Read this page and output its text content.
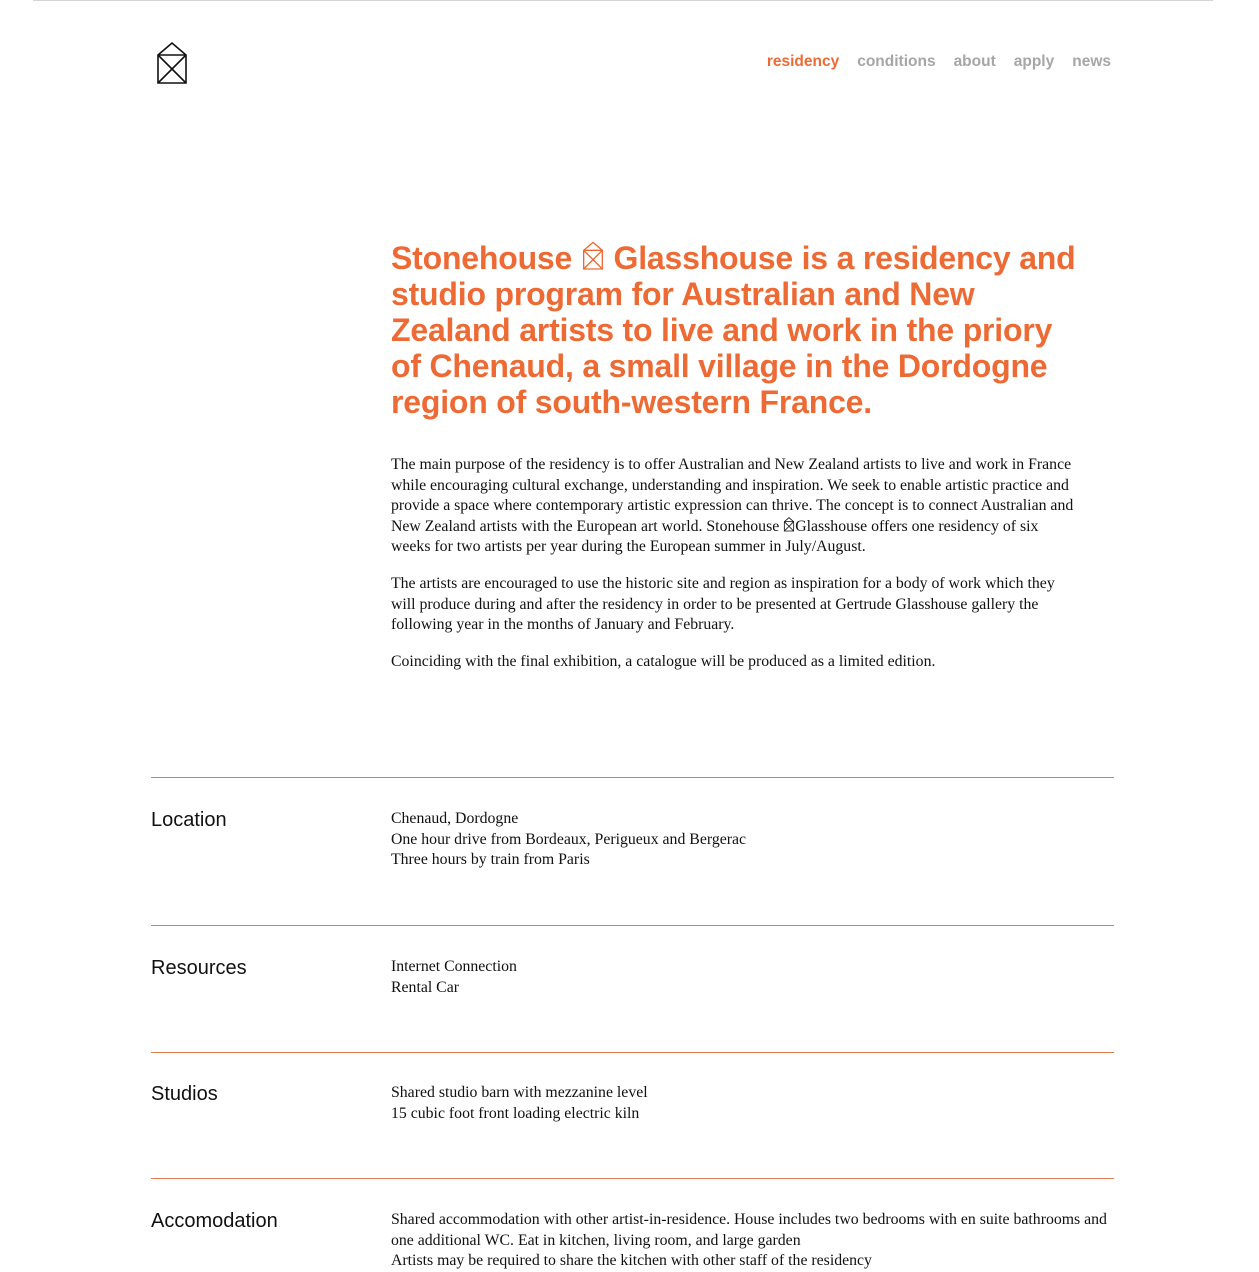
residency conditions about apply news
Stonehouse  Glasshouse is a residency and studio program for Australian and New Zealand artists to live and work in the priory of Chenaud, a small village in the Dordogne region of south-western France.

The main purpose of the residency is to offer Australian and New Zealand artists to live and work in France while encouraging cultural exchange, understanding and inspiration. We seek to enable artistic practice and provide a space where contemporary artistic expression can thrive. The concept is to connect Australian and New Zealand artists with the European art world. Stonehouse Glasshouse offers one residency of six weeks for two artists per year during the European summer in July/August.

The artists are encouraged to use the historic site and region as inspiration for a body of work which they will produce during and after the residency in order to be presented at Gertrude Glasshouse gallery the following year in the months of January and February.

Coinciding with the final exhibition, a catalogue will be produced as a limited edition.

Location	Chenaud, Dordogne
One hour drive from Bordeaux, Perigueux and Bergerac
Three hours by train from Paris
Resources	Internet Connection
Rental Car
Studios	Shared studio barn with mezzanine level
15 cubic foot front loading electric kiln
Accomodation	Shared accommodation with other artist-in-residence. House includes two bedrooms with en suite bathrooms and one additional WC. Eat in kitchen, living room, and large garden
Artists may be required to share the kitchen with other staff of the residency
